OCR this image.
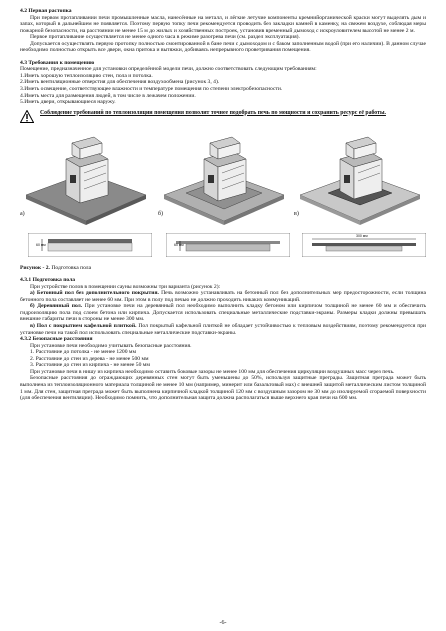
4.2 Первая растопка

При первом протапливании печи промышленные масла, нанесённые на металл, и лёгкие летучие компоненты кремнийорганической краски могут выделять дым и запах, который в дальнейшем не появляется. Поэтому первую топку печи рекомендуется проводить без закладки камней в каменку, на свежем воздухе, соблюдая меры пожарной безопасности, на расстоянии не менее 15 м до жилых и хозяйственных построек, установив временный дымоход с искроуловителем высотой не менее 2 м.

Первое протапливание осуществляется не менее одного часа в режиме разогрева печи (см. раздел эксплуатация).

Допускается осуществлять первую протопку полностью смонтированной в бане печи с дымоходом и с баком заполненным водой (при его наличии). В данном случае необходимо полностью открыть все двери, окна притока и вытяжки, добиваясь непрерывного проветривания помещения.

4.3 Требования к помещению

Помещение, предназначенное для установки определённой модели печи, должно соответствовать следующим требованиям:

1.Иметь хорошую теплоизоляцию стен, пола и потолка.
2.Иметь вентиляционные отверстия для обеспечения воздухообмена (рисунок 3, 4).
3.Иметь освещение, соответствующее влажности и температуре помещения по степени электробезопасности.
4.Иметь места для размещения людей, в том числе в лежачем положении.
5.Иметь двери, открывающиеся наружу.
Соблюдение требований по теплоизоляции помещения позволит точнее подобрать печь по мощности и сохранить ресурс её работы.
а)	б)	в)
60 мм	60 мм
300 мм

Рисунок - 2. Подготовка пола

4.3.1 Подготовка пола

При устройстве полов в помещении сауны возможны три варианта (рисунок 2):

а) Бетонный пол без дополнительного покрытия. Печь возможно устанавливать на бетонный пол без дополнительных мер предосторожности, если толщина бетонного пола составляет не менее 60 мм. При этом в полу под печью не должно проходить никаких коммуникаций.

б) Деревянный пол. При установке печи на деревянный пол необходимо выполнить кладку бетоном или кирпичом толщиной не менее 60 мм и обеспечить гидроизоляцию пола под слоем бетона или кирпича. Допускается использовать специальные металлические подставки-экраны. Размеры кладки должны превышать внешние габариты печи в стороны не менее 300 мм.

в) Пол с покрытием кафельной плиткой. Пол покрытый кафельной плиткой не обладает устойчивостью к тепловым воздействиям, поэтому рекомендуется при установке печи на такой пол использовать специальные металлические подставки-экраны.

4.3.2 Безопасные расстояния

При установке печи необходимо учитывать безопасные расстояния.

1. Расстояние до потолка - не менее 1200 мм
2. Расстояние до стен из дерева - не менее 500 мм
3. Расстояние до стен из кирпича - не менее 50 мм

При установке печи в нишу из кирпича необходимо оставить боковые зазоры не менее 100 мм для обеспечения циркуляции воздушных масс через печь.

Безопасные расстояния до ограждающих деревянных стен могут быть уменьшены до 50%, используя защитные преграды. Защитная преграда может быть выполнена из теплоизоляционного материала толщиной не менее 10 мм (например, минерит или базальтовый мах) с внешней защитой металлическим листом толщиной 1 мм. Для стен, защитная преграда может быть выполнена кирпичной кладкой толщиной 120 мм с воздушным зазором не 30 мм до изолируемой сгораемой поверхности (для обеспечения вентиляции). Необходимо помнить, что дополнительная защита должна располагаться выше верхнего края печи на 600 мм.

-6-
